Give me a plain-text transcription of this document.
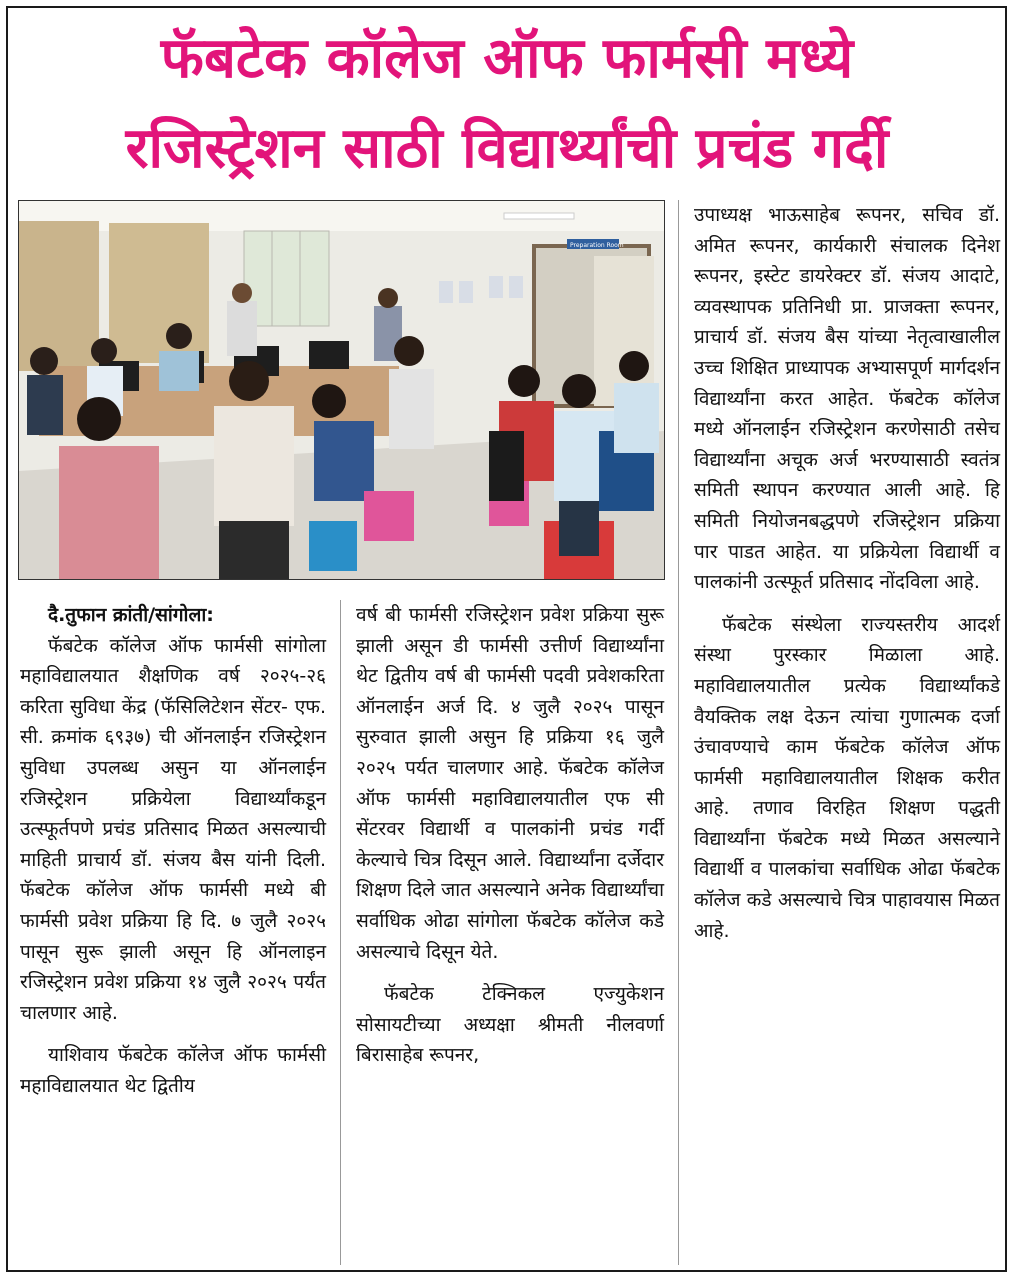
फॅबटेक कॉलेज ऑफ फार्मसी मध्ये
रजिस्ट्रेशन साठी विद्यार्थ्यांची प्रचंड गर्दी
Preparation Room

दै.तुफान क्रांती/सांगोला:

फॅबटेक कॉलेज ऑफ फार्मसी सांगोला महाविद्यालयात शैक्षणिक वर्ष २०२५-२६ करिता सुविधा केंद्र (फॅसिलिटेशन सेंटर- एफ. सी. क्रमांक ६९३७) ची ऑनलाईन रजिस्ट्रेशन सुविधा उपलब्ध असुन या ऑनलाईन रजिस्ट्रेशन प्रक्रियेला विद्यार्थ्यांकडून उत्स्फूर्तपणे प्रचंड प्रतिसाद मिळत असल्याची माहिती प्राचार्य डॉ. संजय बैस यांनी दिली. फॅबटेक कॉलेज ऑफ फार्मसी मध्ये बी फार्मसी प्रवेश प्रक्रिया हि दि. ७ जुलै २०२५ पासून सुरू झाली असून हि ऑनलाइन रजिस्ट्रेशन प्रवेश प्रक्रिया १४ जुलै २०२५ पर्यंत चालणार आहे.

याशिवाय फॅबटेक कॉलेज ऑफ फार्मसी महाविद्यालयात थेट द्वितीय

वर्ष बी फार्मसी रजिस्ट्रेशन प्रवेश प्रक्रिया सुरू झाली असून डी फार्मसी उत्तीर्ण विद्यार्थ्यांना थेट द्वितीय वर्ष बी फार्मसी पदवी प्रवेशकरिता ऑनलाईन अर्ज दि. ४ जुलै २०२५ पासून सुरुवात झाली असुन हि प्रक्रिया १६ जुलै २०२५ पर्यत चालणार आहे. फॅबटेक कॉलेज ऑफ फार्मसी महाविद्यालयातील एफ सी सेंटरवर विद्यार्थी व पालकांनी प्रचंड गर्दी केल्याचे चित्र दिसून आले. विद्यार्थ्यांना दर्जेदार शिक्षण दिले जात असल्याने अनेक विद्यार्थ्यांचा सर्वाधिक ओढा सांगोला फॅबटेक कॉलेज कडे असल्याचे दिसून येते.

फॅबटेक टेक्निकल एज्युकेशन सोसायटीच्या अध्यक्षा श्रीमती नीलवर्णा बिरासाहेब रूपनर,

उपाध्यक्ष भाऊसाहेब रूपनर, सचिव डॉ. अमित रूपनर, कार्यकारी संचालक दिनेश रूपनर, इस्टेट डायरेक्टर डॉ. संजय आदाटे, व्यवस्थापक प्रतिनिधी प्रा. प्राजक्ता रूपनर, प्राचार्य डॉ. संजय बैस यांच्या नेतृत्वाखालील उच्च शिक्षित प्राध्यापक अभ्यासपूर्ण मार्गदर्शन विद्यार्थ्यांना करत आहेत. फॅबटेक कॉलेज मध्ये ऑनलाईन रजिस्ट्रेशन करणेसाठी तसेच विद्यार्थ्यांना अचूक अर्ज भरण्यासाठी स्वतंत्र समिती स्थापन करण्यात आली आहे. हि समिती नियोजनबद्धपणे रजिस्ट्रेशन प्रक्रिया पार पाडत आहेत. या प्रक्रियेला विद्यार्थी व पालकांनी उत्स्फूर्त प्रतिसाद नोंदविला आहे.

फॅबटेक संस्थेला राज्यस्तरीय आदर्श संस्था पुरस्कार मिळाला आहे. महाविद्यालयातील प्रत्येक विद्यार्थ्यांकडे वैयक्तिक लक्ष देऊन त्यांचा गुणात्मक दर्जा उंचावण्याचे काम फॅबटेक कॉलेज ऑफ फार्मसी महाविद्यालयातील शिक्षक करीत आहे. तणाव विरहित शिक्षण पद्धती विद्यार्थ्यांना फॅबटेक मध्ये मिळत असल्याने विद्यार्थी व पालकांचा सर्वाधिक ओढा फॅबटेक कॉलेज कडे असल्याचे चित्र पाहावयास मिळत आहे.
